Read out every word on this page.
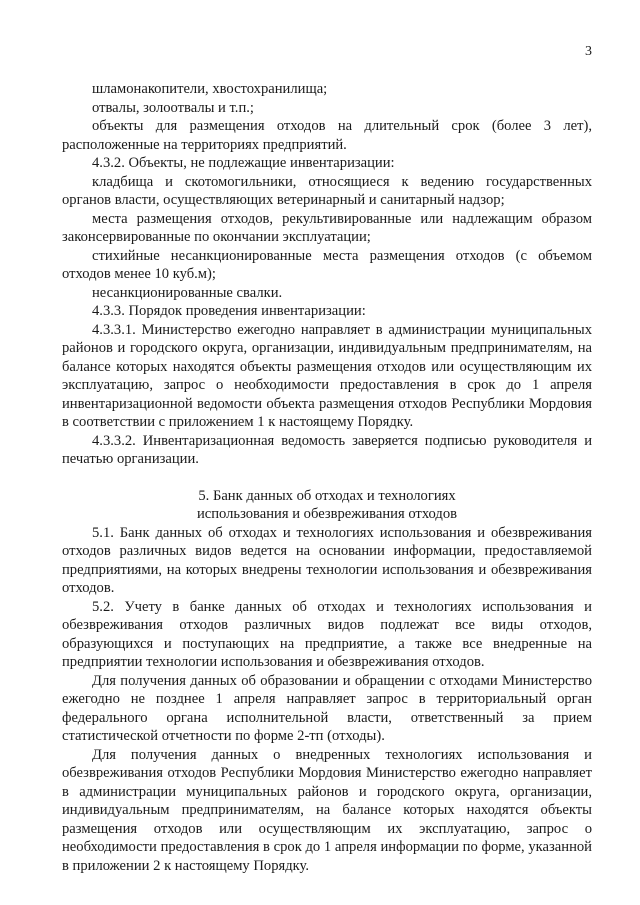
3

шламонакопители, хвостохранилища;

отвалы, золоотвалы и т.п.;

объекты для размещения отходов на длительный срок (более 3 лет), расположенные на территориях предприятий.

4.3.2. Объекты, не подлежащие инвентаризации:

кладбища и скотомогильники, относящиеся к ведению государственных органов власти, осуществляющих ветеринарный и санитарный надзор;

места размещения отходов, рекультивированные или надлежащим образом законсервированные по окончании эксплуатации;

стихийные несанкционированные места размещения отходов (с объемом отходов менее 10 куб.м);

несанкционированные свалки.

4.3.3. Порядок проведения инвентаризации:

4.3.3.1. Министерство ежегодно направляет в администрации муниципальных районов и городского округа, организации, индивидуальным предпринимателям, на балансе которых находятся объекты размещения отходов или осуществляющим их эксплуатацию, запрос о необходимости предоставления в срок до 1 апреля инвентаризационной ведомости объекта размещения отходов Республики Мордовия в соответствии с приложением 1 к настоящему Порядку.

4.3.3.2. Инвентаризационная ведомость заверяется подписью руководителя и печатью организации.

5. Банк данных об отходах и технологиях
использования и обезвреживания отходов

5.1. Банк данных об отходах и технологиях использования и обезвреживания отходов различных видов ведется на основании информации, предоставляемой предприятиями, на которых внедрены технологии использования и обезвреживания отходов.

5.2. Учету в банке данных об отходах и технологиях использования и обезвреживания отходов различных видов подлежат все виды отходов, образующихся и поступающих на предприятие, а также все внедренные на предприятии технологии использования и обезвреживания отходов.

Для получения данных об образовании и обращении с отходами Министерство ежегодно не позднее 1 апреля направляет запрос в территориальный орган федерального органа исполнительной власти, ответственный за прием статистической отчетности по форме 2-тп (отходы).

Для получения данных о внедренных технологиях использования и обезвреживания отходов Республики Мордовия Министерство ежегодно направляет в администрации муниципальных районов и городского округа, организации, индивидуальным предпринимателям, на балансе которых находятся объекты размещения отходов или осуществляющим их эксплуатацию, запрос о необходимости предоставления в срок до 1 апреля информации по форме, указанной в приложении 2 к настоящему Порядку.
